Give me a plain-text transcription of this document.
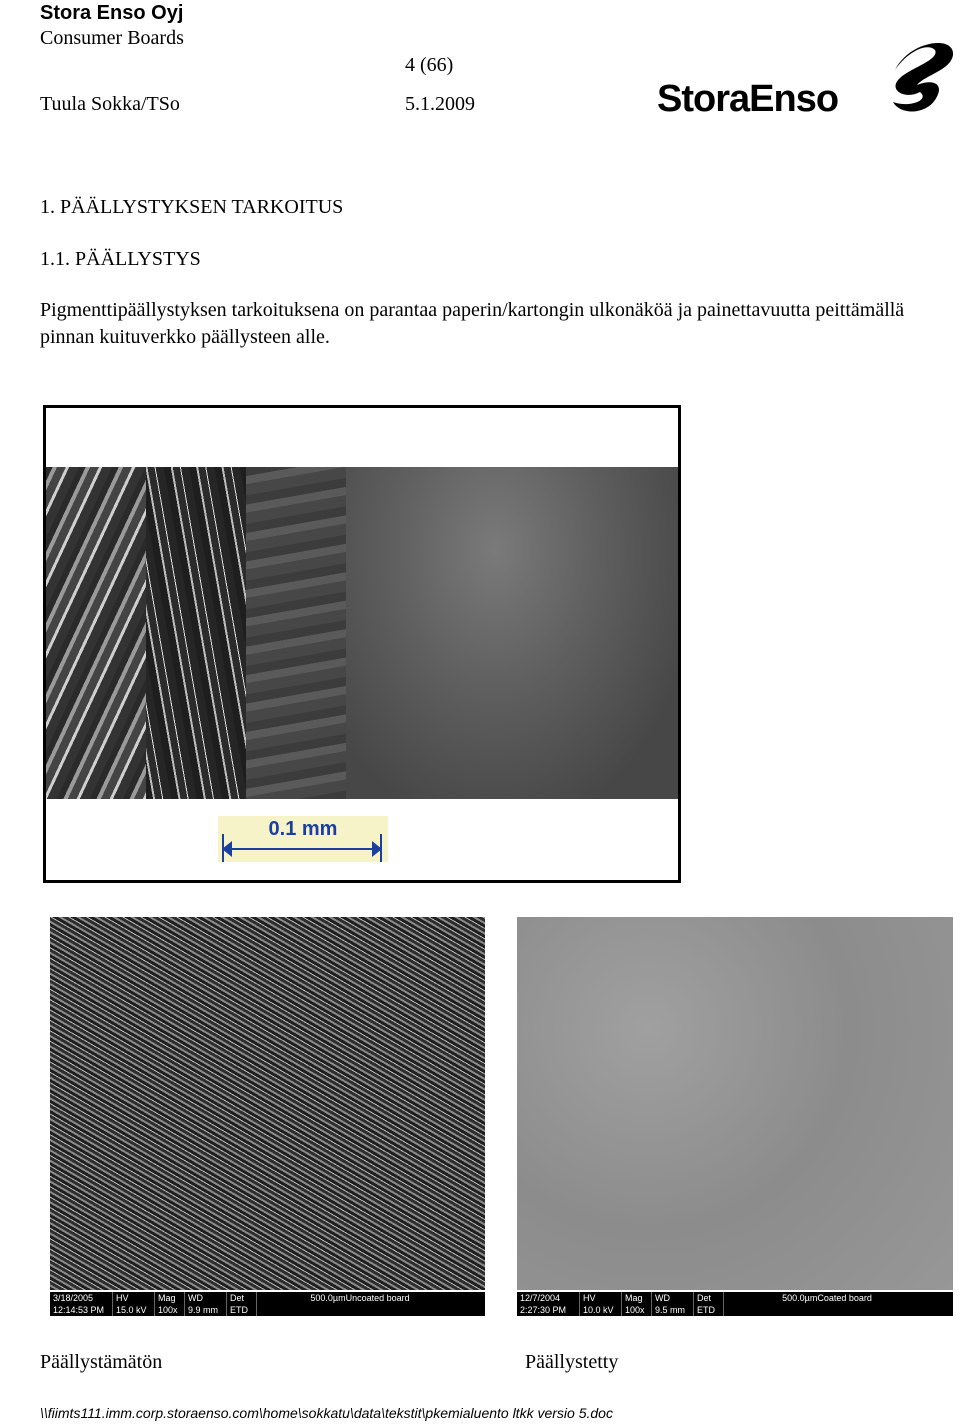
Stora Enso Oyj
Consumer Boards
4 (66)
Tuula Sokka/TSo	5.1.2009	StoraEnso
1. PÄÄLLYSTYKSEN TARKOITUS
1.1. PÄÄLLYSTYS
Pigmenttipäällystyksen tarkoituksena on parantaa paperin/kartongin ulkonäköä ja painettavuutta peittämällä pinnan kuituverkko päällysteen alle.
0.1 mm
3/18/2005
12:14:53 PM
HV
15.0 kV
Mag
100x
WD
9.9 mm
Det
ETD
500.0µmUncoated board	12/7/2004
2:27:30 PM
HV
10.0 kV
Mag
100x
WD
9.5 mm
Det
ETD
500.0µmCoated board
Päällystämätön	Päällystetty
\\fiimts111.imm.corp.storaenso.com\home\sokkatu\data\tekstit\pkemialuento ltkk versio 5.doc
